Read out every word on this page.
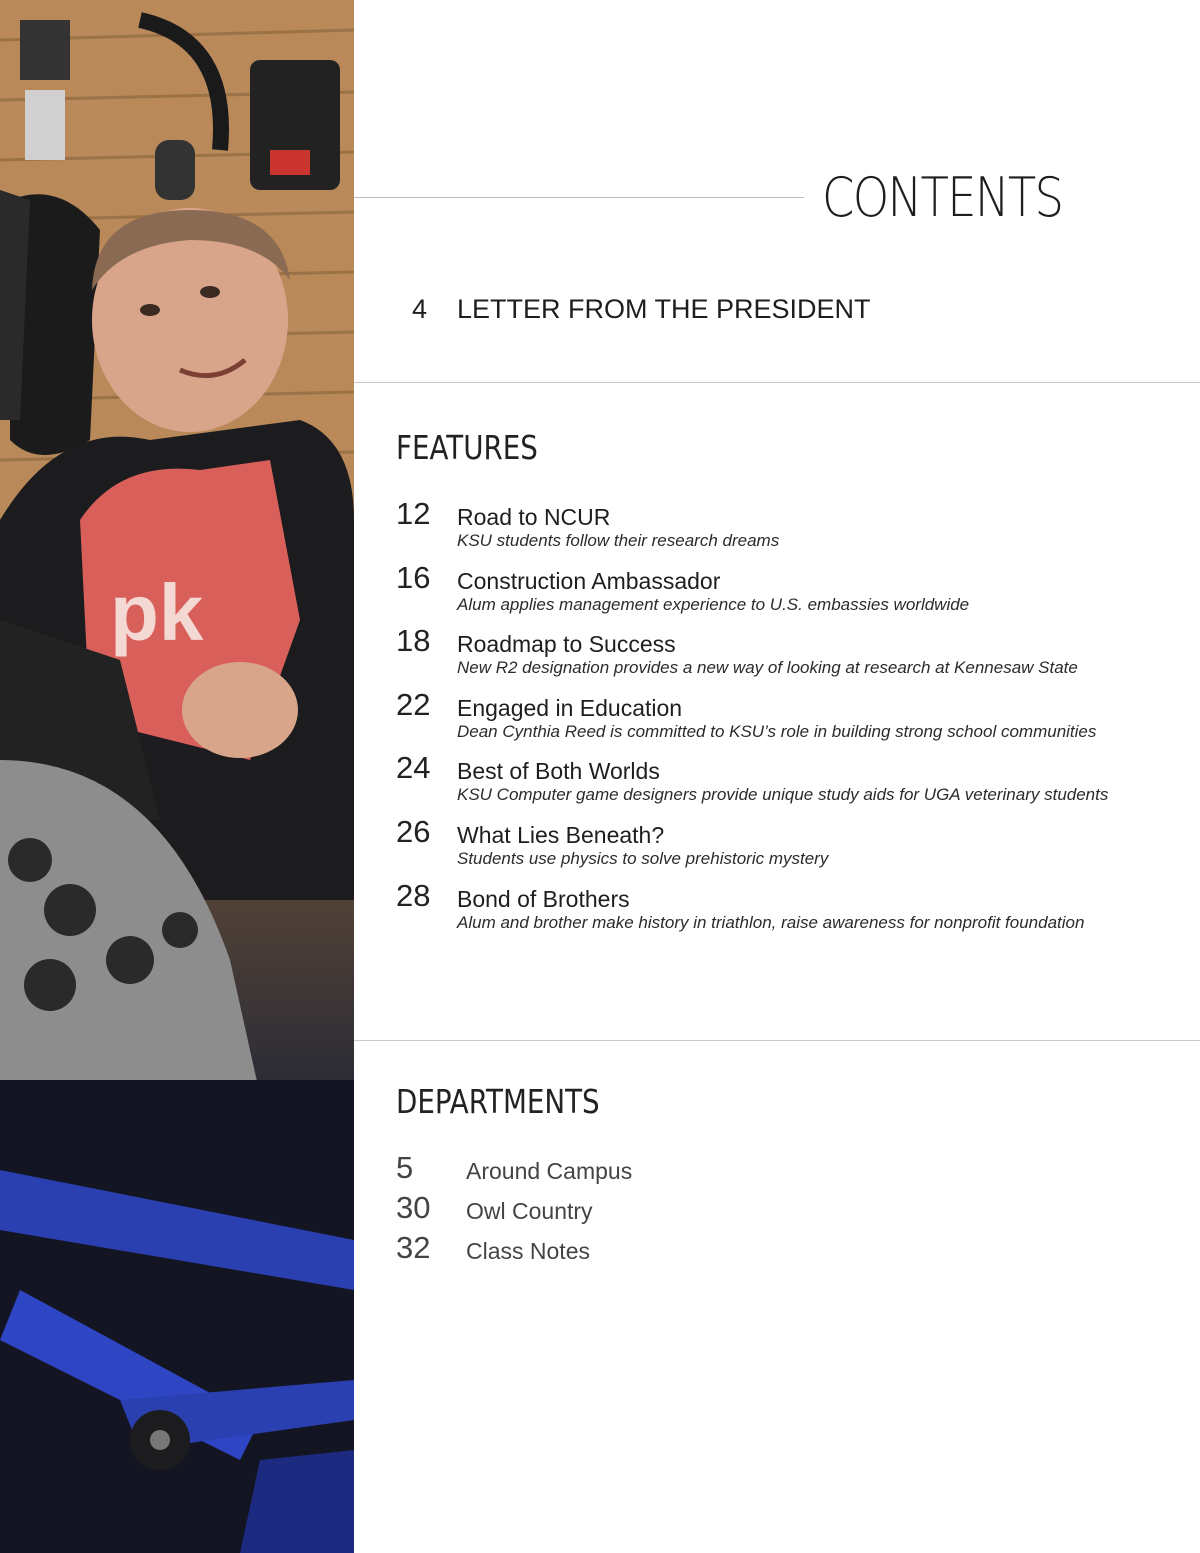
pk
CONTENTS
4 LETTER FROM THE PRESIDENT
FEATURES
12 Road to NCUR
KSU students follow their research dreams
16 Construction Ambassador
Alum applies management experience to U.S. embassies worldwide
18 Roadmap to Success
New R2 designation provides a new way of looking at research at Kennesaw State
22 Engaged in Education
Dean Cynthia Reed is committed to KSU’s role in building strong school communities
24 Best of Both Worlds
KSU Computer game designers provide unique study aids for UGA veterinary students
26 What Lies Beneath?
Students use physics to solve prehistoric mystery
28 Bond of Brothers
Alum and brother make history in triathlon, raise awareness for nonprofit foundation
DEPARTMENTS
5 Around Campus
30 Owl Country
32 Class Notes
